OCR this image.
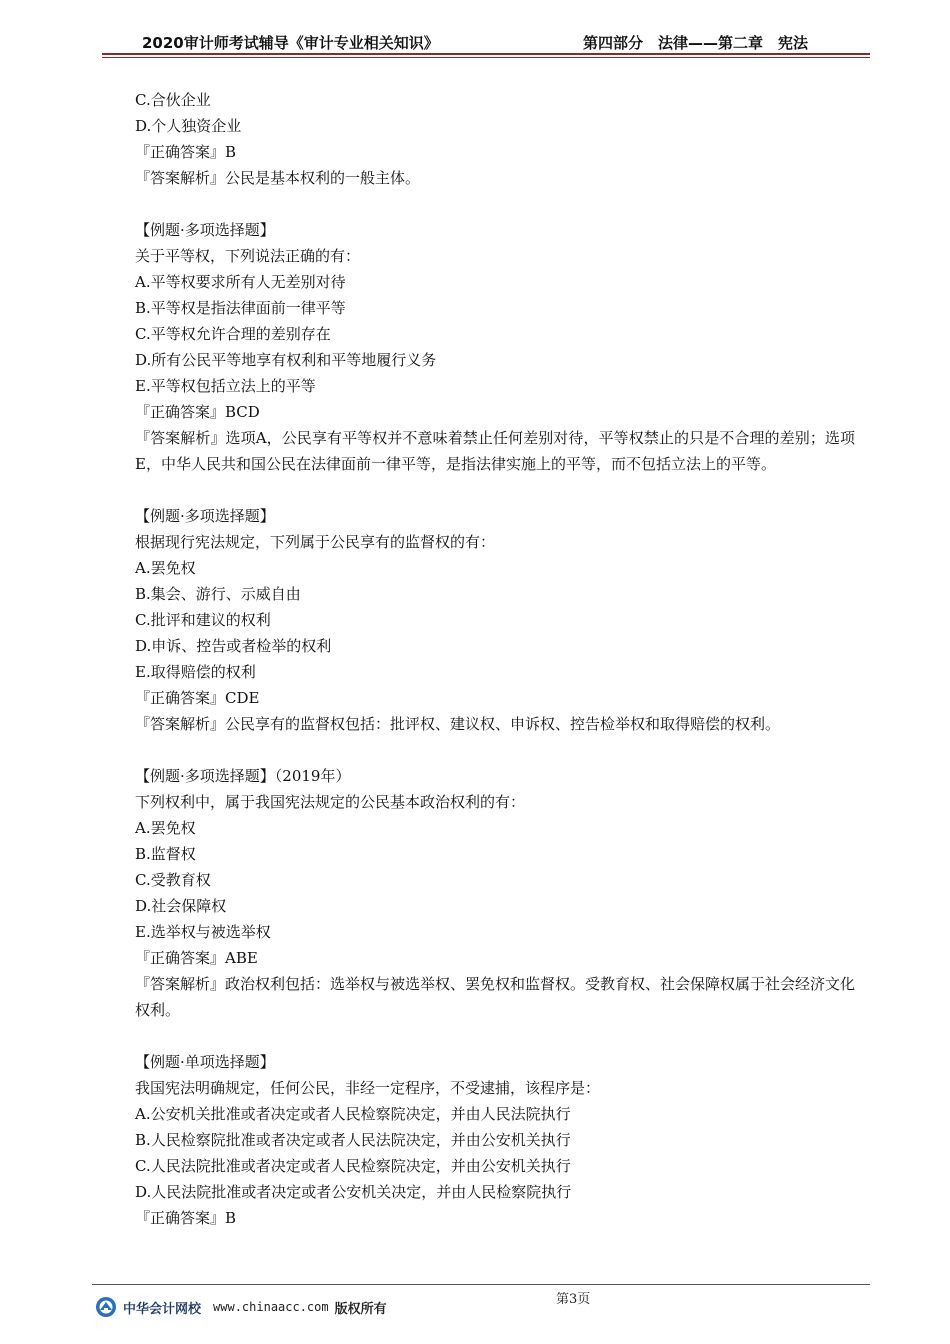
2020审计师考试辅导《审计专业相关知识》	第四部分　法律——第二章　宪法
C.合伙企业
D.个人独资企业
『正确答案』B
『答案解析』公民是基本权利的一般主体。
【例题·多项选择题】
关于平等权，下列说法正确的有：
A.平等权要求所有人无差别对待
B.平等权是指法律面前一律平等
C.平等权允许合理的差别存在
D.所有公民平等地享有权利和平等地履行义务
E.平等权包括立法上的平等
『正确答案』BCD
『答案解析』选项A，公民享有平等权并不意味着禁止任何差别对待，平等权禁止的只是不合理的差别；选项E，中华人民共和国公民在法律面前一律平等，是指法律实施上的平等，而不包括立法上的平等。
【例题·多项选择题】
根据现行宪法规定，下列属于公民享有的监督权的有：
A.罢免权
B.集会、游行、示威自由
C.批评和建议的权利
D.申诉、控告或者检举的权利
E.取得赔偿的权利
『正确答案』CDE
『答案解析』公民享有的监督权包括：批评权、建议权、申诉权、控告检举权和取得赔偿的权利。
【例题·多项选择题】（2019年）
下列权利中，属于我国宪法规定的公民基本政治权利的有：
A.罢免权
B.监督权
C.受教育权
D.社会保障权
E.选举权与被选举权
『正确答案』ABE
『答案解析』政治权利包括：选举权与被选举权、罢免权和监督权。受教育权、社会保障权属于社会经济文化权利。
【例题·单项选择题】
我国宪法明确规定，任何公民，非经一定程序，不受逮捕，该程序是：
A.公安机关批准或者决定或者人民检察院决定，并由人民法院执行
B.人民检察院批准或者决定或者人民法院决定，并由公安机关执行
C.人民法院批准或者决定或者人民检察院决定，并由公安机关执行
D.人民法院批准或者决定或者公安机关决定，并由人民检察院执行
『正确答案』B
第3页
中华会计网校 www.chinaacc.com 版权所有
